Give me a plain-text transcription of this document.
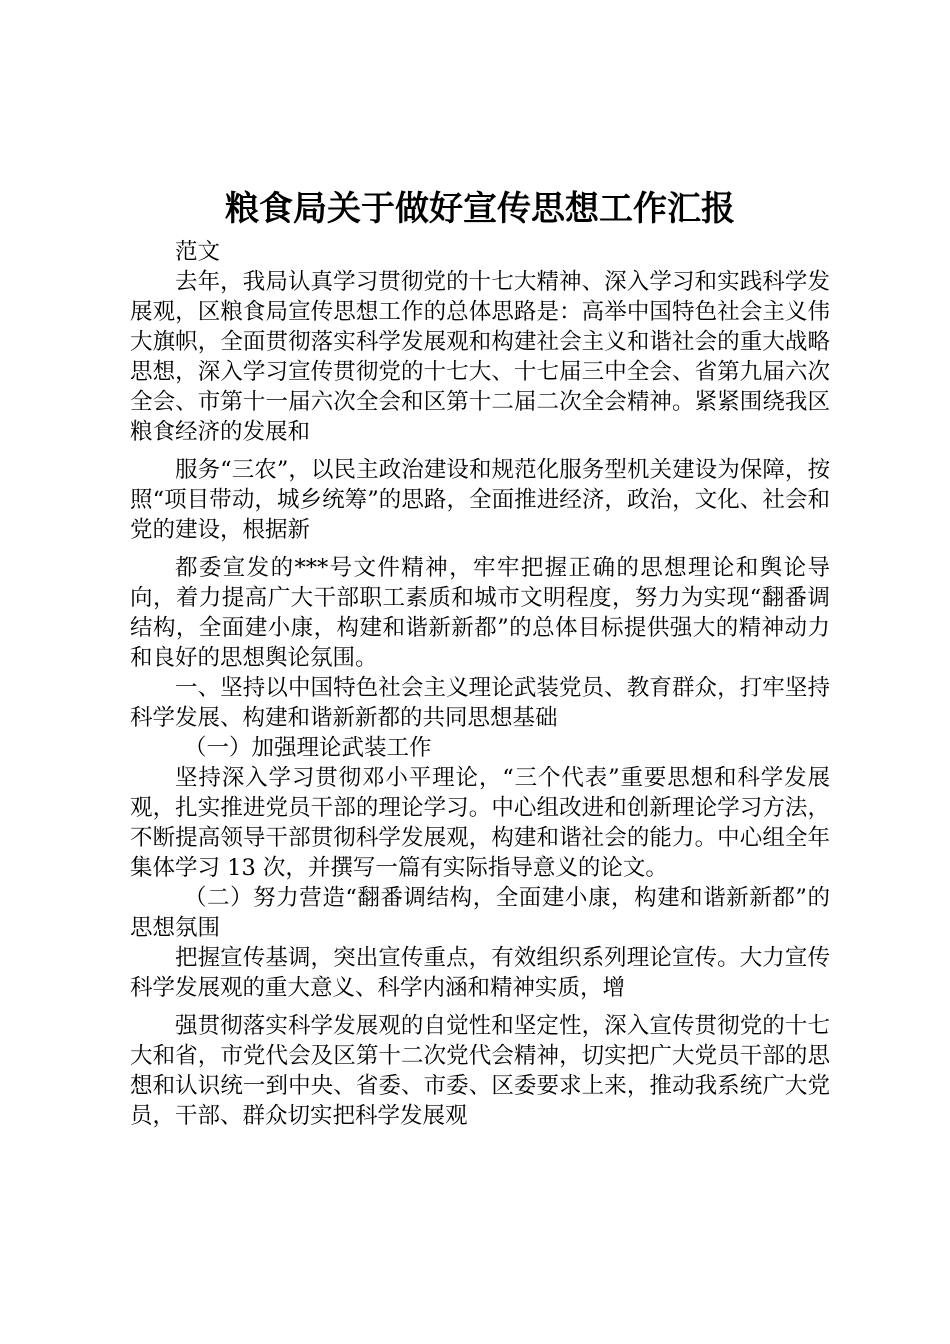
粮食局关于做好宣传思想工作汇报

范文

去年，我局认真学习贯彻党的十七大精神、深入学习和实践科学发展观，区粮食局宣传思想工作的总体思路是：高举中国特色社会主义伟大旗帜，全面贯彻落实科学发展观和构建社会主义和谐社会的重大战略思想，深入学习宣传贯彻党的十七大、十七届三中全会、省第九届六次全会、市第十一届六次全会和区第十二届二次全会精神。紧紧围绕我区粮食经济的发展和

服务“三农”，以民主政治建设和规范化服务型机关建设为保障，按照“项目带动，城乡统筹”的思路，全面推进经济，政治，文化、社会和党的建设，根据新

都委宣发的***号文件精神，牢牢把握正确的思想理论和舆论导向，着力提高广大干部职工素质和城市文明程度，努力为实现“翻番调结构，全面建小康，构建和谐新新都”的总体目标提供强大的精神动力和良好的思想舆论氛围。

一、坚持以中国特色社会主义理论武装党员、教育群众，打牢坚持科学发展、构建和谐新新都的共同思想基础

（一）加强理论武装工作

坚持深入学习贯彻邓小平理论，“三个代表”重要思想和科学发展观，扎实推进党员干部的理论学习。中心组改进和创新理论学习方法，不断提高领导干部贯彻科学发展观，构建和谐社会的能力。中心组全年集体学习 13 次，并撰写一篇有实际指导意义的论文。

（二）努力营造“翻番调结构，全面建小康，构建和谐新新都”的思想氛围

把握宣传基调，突出宣传重点，有效组织系列理论宣传。大力宣传科学发展观的重大意义、科学内涵和精神实质，增

强贯彻落实科学发展观的自觉性和坚定性，深入宣传贯彻党的十七大和省，市党代会及区第十二次党代会精神，切实把广大党员干部的思想和认识统一到中央、省委、市委、区委要求上来，推动我系统广大党员，干部、群众切实把科学发展观
